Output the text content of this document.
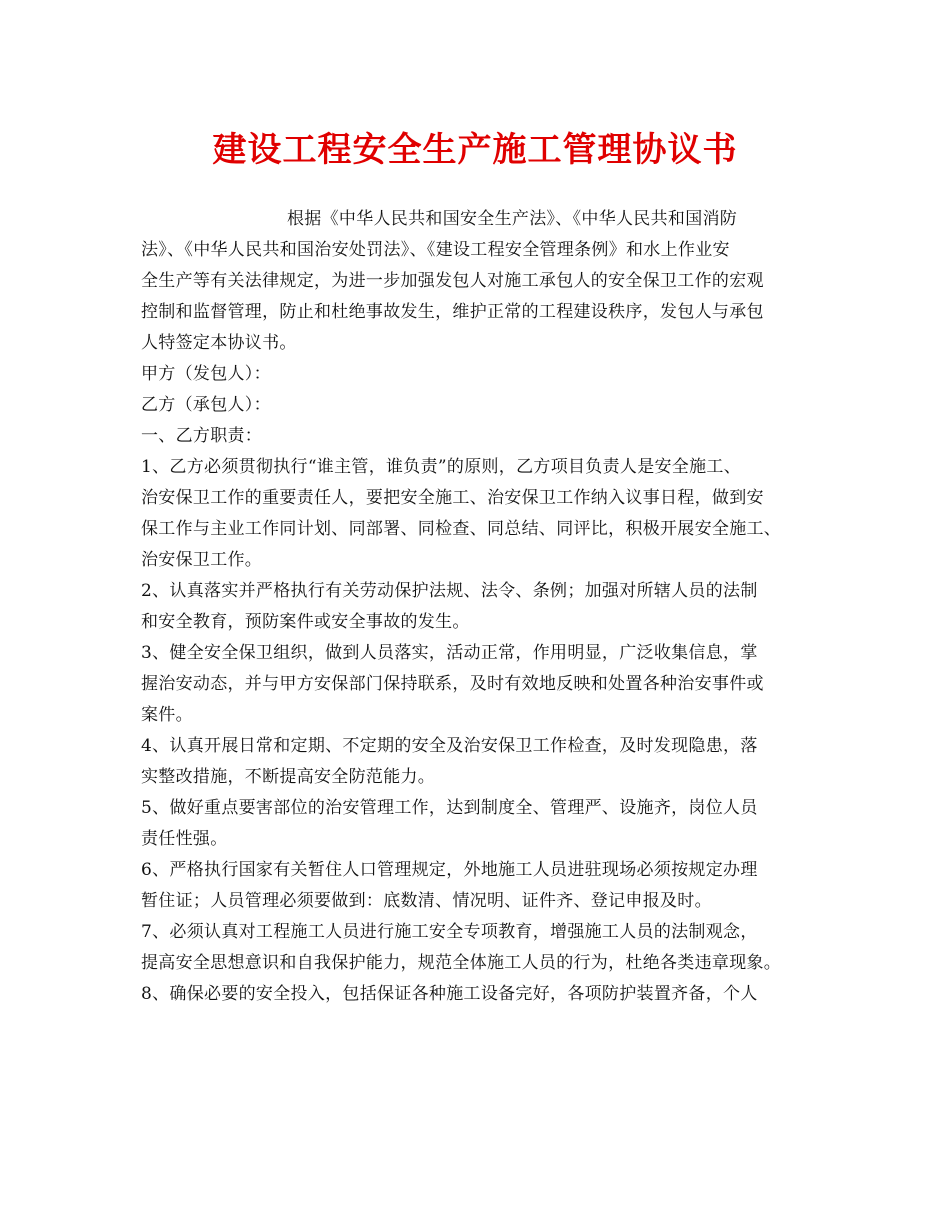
建设工程安全生产施工管理协议书
根据《中华人民共和国安全生产法》、《中华人民共和国消防
法》、《中华人民共和国治安处罚法》、《建设工程安全管理条例》和水上作业安
全生产等有关法律规定，为进一步加强发包人对施工承包人的安全保卫工作的宏观
控制和监督管理，防止和杜绝事故发生，维护正常的工程建设秩序，发包人与承包
人特签定本协议书。
甲方（发包人）：
乙方（承包人）：
一、乙方职责：
1、乙方必须贯彻执行“谁主管，谁负责”的原则，乙方项目负责人是安全施工、
治安保卫工作的重要责任人，要把安全施工、治安保卫工作纳入议事日程，做到安
保工作与主业工作同计划、同部署、同检查、同总结、同评比，积极开展安全施工、
治安保卫工作。
2、认真落实并严格执行有关劳动保护法规、法令、条例；加强对所辖人员的法制
和安全教育，预防案件或安全事故的发生。
3、健全安全保卫组织，做到人员落实，活动正常，作用明显，广泛收集信息，掌
握治安动态，并与甲方安保部门保持联系，及时有效地反映和处置各种治安事件或
案件。
4、认真开展日常和定期、不定期的安全及治安保卫工作检查，及时发现隐患，落
实整改措施，不断提高安全防范能力。
5、做好重点要害部位的治安管理工作，达到制度全、管理严、设施齐，岗位人员
责任性强。
6、严格执行国家有关暂住人口管理规定，外地施工人员进驻现场必须按规定办理
暂住证；人员管理必须要做到：底数清、情况明、证件齐、登记申报及时。
7、必须认真对工程施工人员进行施工安全专项教育，增强施工人员的法制观念，
提高安全思想意识和自我保护能力，规范全体施工人员的行为，杜绝各类违章现象。
8、确保必要的安全投入，包括保证各种施工设备完好，各项防护装置齐备，个人
